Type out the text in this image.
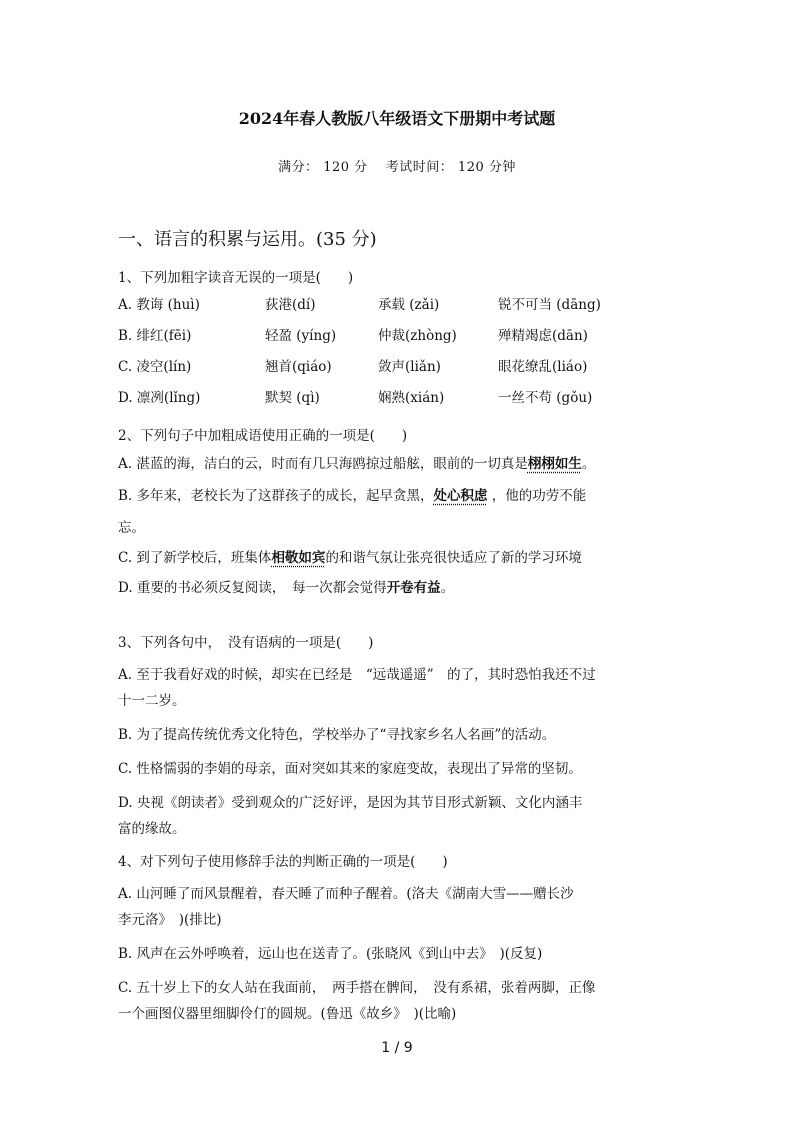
2024年春人教版八年级语文下册期中考试题
满分： 120 分　 考试时间： 120 分钟
一、语言的积累与运用。(35 分)
1、下列加粗字读音无误的一项是(　　)
A. 教诲 (huì)	荻港(dí)	承载 (zǎi)	锐不可当 (dāng)
B. 绯红(fēi)	轻盈 (yíng)	仲裁(zhòng)	殚精竭虑(dān)
C. 凌空(lín)	翘首(qiáo)	敛声(liǎn)	眼花缭乱(liáo)
D. 凛冽(lǐng)	默契 (qì)	娴熟(xián)	一丝不苟 (gǒu)
2、下列句子中加粗成语使用正确的一项是(　　)
A. 湛蓝的海，洁白的云，时而有几只海鸥掠过船舷，眼前的一切真是栩栩如生。
B. 多年来，老校长为了这群孩子的成长，起早贪黑，处心积虑 ，他的功劳不能
忘。
C. 到了新学校后，班集体相敬如宾的和谐气氛让张亮很快适应了新的学习环境
D. 重要的书必须反复阅读，　每一次都会觉得开卷有益。
3、下列各句中，　没有语病的一项是(　　)
A. 至于我看好戏的时候，却实在已经是　“远哉遥遥”　的了，其时恐怕我还不过
十一二岁。
B. 为了提高传统优秀文化特色，学校举办了“寻找家乡名人名画”的活动。
C. 性格懦弱的李娟的母亲，面对突如其来的家庭变故，表现出了异常的坚韧。
D. 央视《朗读者》受到观众的广泛好评，是因为其节目形式新颖、文化内涵丰
富的缘故。
4、对下列句子使用修辞手法的判断正确的一项是(　　)
A. 山河睡了而风景醒着，春天睡了而种子醒着。(洛夫《湖南大雪——赠长沙
李元洛》　)(排比)
B. 风声在云外呼唤着，远山也在送青了。(张晓风《到山中去》　)(反复)
C. 五十岁上下的女人站在我面前，　两手搭在髀间，　没有系裙，张着两脚，正像
一个画图仪器里细脚伶仃的圆规。(鲁迅《故乡》　)(比喻)
1 / 9
